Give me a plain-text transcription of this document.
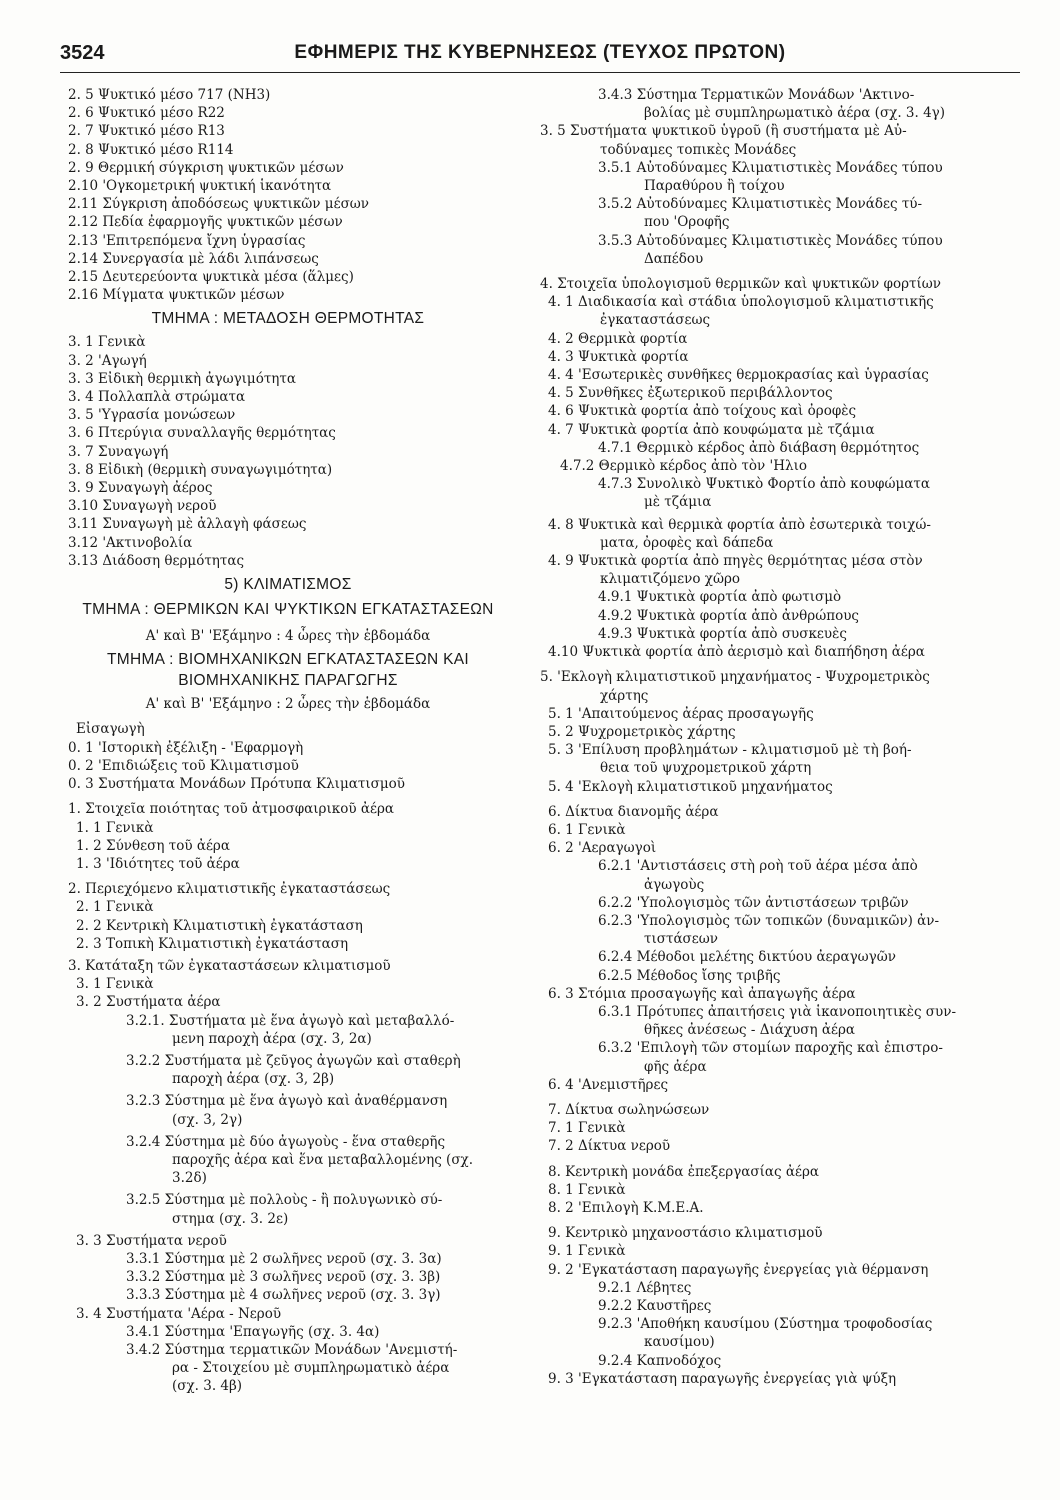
3524	ΕΦΗΜΕΡΙΣ ΤΗΣ ΚΥΒΕΡΝΗΣΕΩΣ (ΤΕΥΧΟΣ ΠΡΩΤΟΝ)
2. 5 Ψυκτικό μέσο 717 (NH3)
2. 6 Ψυκτικό μέσο R22
2. 7 Ψυκτικό μέσο R13
2. 8 Ψυκτικό μέσο R114
2. 9 Θερμική σύγκριση ψυκτικῶν μέσων
2.10 'Ογκομετρική ψυκτική ἱκανότητα
2.11 Σύγκριση ἀποδόσεως ψυκτικῶν μέσων
2.12 Πεδία ἐφαρμογῆς ψυκτικῶν μέσων
2.13 'Επιτρεπόμενα ἴχνη ὑγρασίας
2.14 Συνεργασία μὲ λάδι λιπάνσεως
2.15 Δευτερεύοντα ψυκτικὰ μέσα (ἅλμες)
2.16 Μίγματα ψυκτικῶν μέσων
ΤΜΗΜΑ : ΜΕΤΑΔΟΣΗ ΘΕΡΜΟΤΗΤΑΣ
3. 1 Γενικὰ
3. 2 'Αγωγή
3. 3 Εἰδικὴ θερμικὴ ἀγωγιμότητα
3. 4 Πολλαπλὰ στρώματα
3. 5 'Υγρασία μονώσεων
3. 6 Πτερύγια συναλλαγῆς θερμότητας
3. 7 Συναγωγή
3. 8 Εἰδικὴ (θερμικὴ συναγωγιμότητα)
3. 9 Συναγωγὴ ἀέρος
3.10 Συναγωγὴ νεροῦ
3.11 Συναγωγὴ μὲ ἀλλαγὴ φάσεως
3.12 'Ακτινοβολία
3.13 Διάδοση θερμότητας
5) ΚΛΙΜΑΤΙΣΜΟΣ
ΤΜΗΜΑ : ΘΕΡΜΙΚΩΝ ΚΑΙ ΨΥΚΤΙΚΩΝ ΕΓΚΑΤΑΣΤΑΣΕΩΝ
Α' καὶ Β' 'Εξάμηνο : 4 ὧρες τὴν ἑβδομάδα
ΤΜΗΜΑ : ΒΙΟΜΗΧΑΝΙΚΩΝ ΕΓΚΑΤΑΣΤΑΣΕΩΝ ΚΑΙ ΒΙΟΜΗΧΑΝΙΚΗΣ ΠΑΡΑΓΩΓΗΣ
Α' καὶ Β' 'Εξάμηνο : 2 ὧρες τὴν ἑβδομάδα
Εἰσαγωγὴ
0. 1 'Ιστορικὴ ἐξέλιξη - 'Εφαρμογὴ
0. 2 'Επιδιώξεις τοῦ Κλιματισμοῦ
0. 3 Συστήματα Μονάδων Πρότυπα Κλιματισμοῦ
1. Στοιχεῖα ποιότητας τοῦ ἀτμοσφαιρικοῦ ἀέρα
1. 1 Γενικὰ
1. 2 Σύνθεση τοῦ ἀέρα
1. 3 'Ιδιότητες τοῦ ἀέρα
2. Περιεχόμενο κλιματιστικῆς ἐγκαταστάσεως
2. 1 Γενικὰ
2. 2 Κεντρικὴ Κλιματιστικὴ ἐγκατάσταση
2. 3 Τοπικὴ Κλιματιστικὴ ἐγκατάσταση
3. Κατάταξη τῶν ἐγκαταστάσεων κλιματισμοῦ
3. 1 Γενικὰ
3. 2 Συστήματα ἀέρα
3.2.1. Συστήματα μὲ ἕνα ἀγωγὸ καὶ μεταβαλλό-
μενη παροχὴ ἀέρα (σχ. 3, 2α)
3.2.2 Συστήματα μὲ ζεῦγος ἀγωγῶν καὶ σταθερὴ
παροχὴ ἀέρα (σχ. 3, 2β)
3.2.3 Σύστημα μὲ ἕνα ἀγωγὸ καὶ ἀναθέρμανση
(σχ. 3, 2γ)
3.2.4 Σύστημα μὲ δύο ἀγωγοὺς - ἕνα σταθερῆς
παροχῆς ἀέρα καὶ ἕνα μεταβαλλομένης (σχ.
3.2δ)
3.2.5 Σύστημα μὲ πολλοὺς - ἢ πολυγωνικὸ σύ-
στημα (σχ. 3. 2ε)
3. 3 Συστήματα νεροῦ
3.3.1 Σύστημα μὲ 2 σωλῆνες νεροῦ (σχ. 3. 3α)
3.3.2 Σύστημα μὲ 3 σωλῆνες νεροῦ (σχ. 3. 3β)
3.3.3 Σύστημα μὲ 4 σωλῆνες νεροῦ (σχ. 3. 3γ)
3. 4 Συστήματα 'Αέρα - Νεροῦ
3.4.1 Σύστημα 'Επαγωγῆς (σχ. 3. 4α)
3.4.2 Σύστημα τερματικῶν Μονάδων 'Ανεμιστή-
ρα - Στοιχείου μὲ συμπληρωματικὸ ἀέρα
(σχ. 3. 4β)
3.4.3 Σύστημα Τερματικῶν Μονάδων 'Ακτινο-
βολίας μὲ συμπληρωματικὸ ἀέρα (σχ. 3. 4γ)
3. 5 Συστήματα ψυκτικοῦ ὑγροῦ (ἢ συστήματα μὲ Αὐ-
τοδύναμες τοπικὲς Μονάδες
3.5.1 Αὐτοδύναμες Κλιματιστικὲς Μονάδες τύπου
Παραθύρου ἢ τοίχου
3.5.2 Αὐτοδύναμες Κλιματιστικὲς Μονάδες τύ-
που 'Οροφῆς
3.5.3 Αὐτοδύναμες Κλιματιστικὲς Μονάδες τύπου
Δαπέδου
4. Στοιχεῖα ὑπολογισμοῦ θερμικῶν καὶ ψυκτικῶν φορτίων
4. 1 Διαδικασία καὶ στάδια ὑπολογισμοῦ κλιματιστικῆς
ἐγκαταστάσεως
4. 2 Θερμικὰ φορτία
4. 3 Ψυκτικὰ φορτία
4. 4 'Εσωτερικὲς συνθῆκες θερμοκρασίας καὶ ὑγρασίας
4. 5 Συνθῆκες ἐξωτερικοῦ περιβάλλοντος
4. 6 Ψυκτικὰ φορτία ἀπὸ τοίχους καὶ ὀροφὲς
4. 7 Ψυκτικὰ φορτία ἀπὸ κουφώματα μὲ τζάμια
4.7.1 Θερμικὸ κέρδος ἀπὸ διάβαση θερμότητος
4.7.2 Θερμικὸ κέρδος ἀπὸ τὸν 'Ηλιο
4.7.3 Συνολικὸ Ψυκτικὸ Φορτίο ἀπὸ κουφώματα
μὲ τζάμια
4. 8 Ψυκτικὰ καὶ θερμικὰ φορτία ἀπὸ ἐσωτερικὰ τοιχώ-
ματα, ὀροφὲς καὶ δάπεδα
4. 9 Ψυκτικὰ φορτία ἀπὸ πηγὲς θερμότητας μέσα στὸν
κλιματιζόμενο χῶρο
4.9.1 Ψυκτικὰ φορτία ἀπὸ φωτισμὸ
4.9.2 Ψυκτικὰ φορτία ἀπὸ ἀνθρώπους
4.9.3 Ψυκτικὰ φορτία ἀπὸ συσκευὲς
4.10 Ψυκτικὰ φορτία ἀπὸ ἀερισμὸ καὶ διαπήδηση ἀέρα
5. 'Εκλογὴ κλιματιστικοῦ μηχανήματος - Ψυχρομετρικὸς
χάρτης
5. 1 'Απαιτούμενος ἀέρας προσαγωγῆς
5. 2 Ψυχρομετρικὸς χάρτης
5. 3 'Επίλυση προβλημάτων - κλιματισμοῦ μὲ τὴ βοή-
θεια τοῦ ψυχρομετρικοῦ χάρτη
5. 4 'Εκλογὴ κλιματιστικοῦ μηχανήματος
6. Δίκτυα διανομῆς ἀέρα
6. 1 Γενικὰ
6. 2 'Αεραγωγοὶ
6.2.1 'Αντιστάσεις στὴ ροὴ τοῦ ἀέρα μέσα ἀπὸ
ἀγωγοὺς
6.2.2 'Υπολογισμὸς τῶν ἀντιστάσεων τριβῶν
6.2.3 'Υπολογισμὸς τῶν τοπικῶν (δυναμικῶν) ἀν-
τιστάσεων
6.2.4 Μέθοδοι μελέτης δικτύου ἀεραγωγῶν
6.2.5 Μέθοδος ἴσης τριβῆς
6. 3 Στόμια προσαγωγῆς καὶ ἀπαγωγῆς ἀέρα
6.3.1 Πρότυπες ἀπαιτήσεις γιὰ ἱκανοποιητικὲς συν-
θῆκες ἀνέσεως - Διάχυση ἀέρα
6.3.2 'Επιλογὴ τῶν στομίων παροχῆς καὶ ἐπιστρο-
φῆς ἀέρα
6. 4 'Ανεμιστῆρες
7. Δίκτυα σωληνώσεων
7. 1 Γενικὰ
7. 2 Δίκτυα νεροῦ
8. Κεντρικὴ μονάδα ἐπεξεργασίας ἀέρα
8. 1 Γενικὰ
8. 2 'Επιλογὴ Κ.Μ.Ε.Α.
9. Κεντρικὸ μηχανοστάσιο κλιματισμοῦ
9. 1 Γενικὰ
9. 2 'Εγκατάσταση παραγωγῆς ἐνεργείας γιὰ θέρμανση
9.2.1 Λέβητες
9.2.2 Καυστῆρες
9.2.3 'Αποθήκη καυσίμου (Σύστημα τροφοδοσίας
καυσίμου)
9.2.4 Καπνοδόχος
9. 3 'Εγκατάσταση παραγωγῆς ἐνεργείας γιὰ ψύξη
